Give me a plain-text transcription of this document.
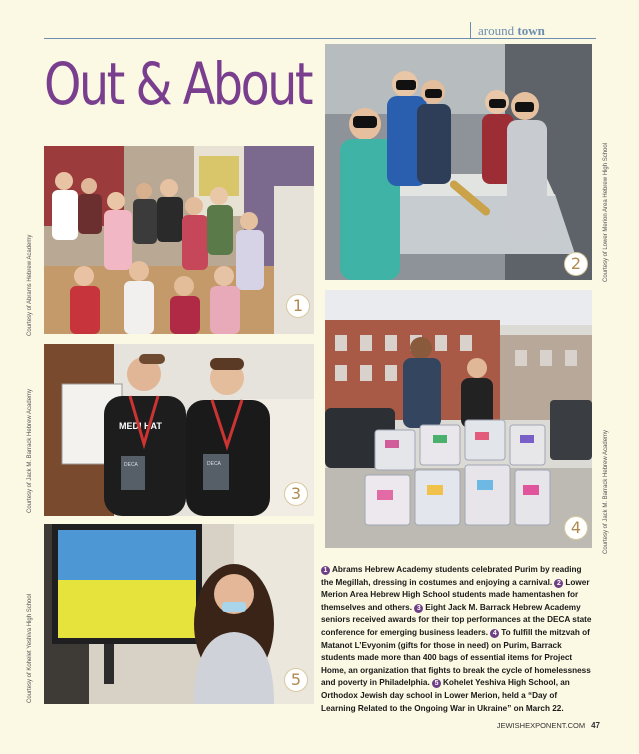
around town
Out & About
1
2
MEDI HAT
DECA	DECA
3
4
5
Courtesy of Abrams Hebrew Academy
Courtesy of Jack M. Barrack Hebrew Academy
Courtesy of Kohelet Yeshiva High School
Courtesy of Lower Merion Area Hebrew High School
Courtesy of Jack M. Barrack Hebrew Academy
1 Abrams Hebrew Academy students celebrated Purim by reading the Megillah, dressing in costumes and enjoying a carnival. 2 Lower Merion Area Hebrew High School students made hamentashen for themselves and others. 3 Eight Jack M. Barrack Hebrew Academy seniors received awards for their top performances at the DECA state conference for emerging business leaders. 4 To fulfill the mitzvah of Matanot L’Evyonim (gifts for those in need) on Purim, Barrack students made more than 400 bags of essential items for Project Home, an organization that fights to break the cycle of homelessness and poverty in Philadelphia. 5 Kohelet Yeshiva High School, an Orthodox Jewish day school in Lower Merion, held a “Day of Learning Related to the Ongoing War in Ukraine” on March 22.
JEWISHEXPONENT.COM 47
